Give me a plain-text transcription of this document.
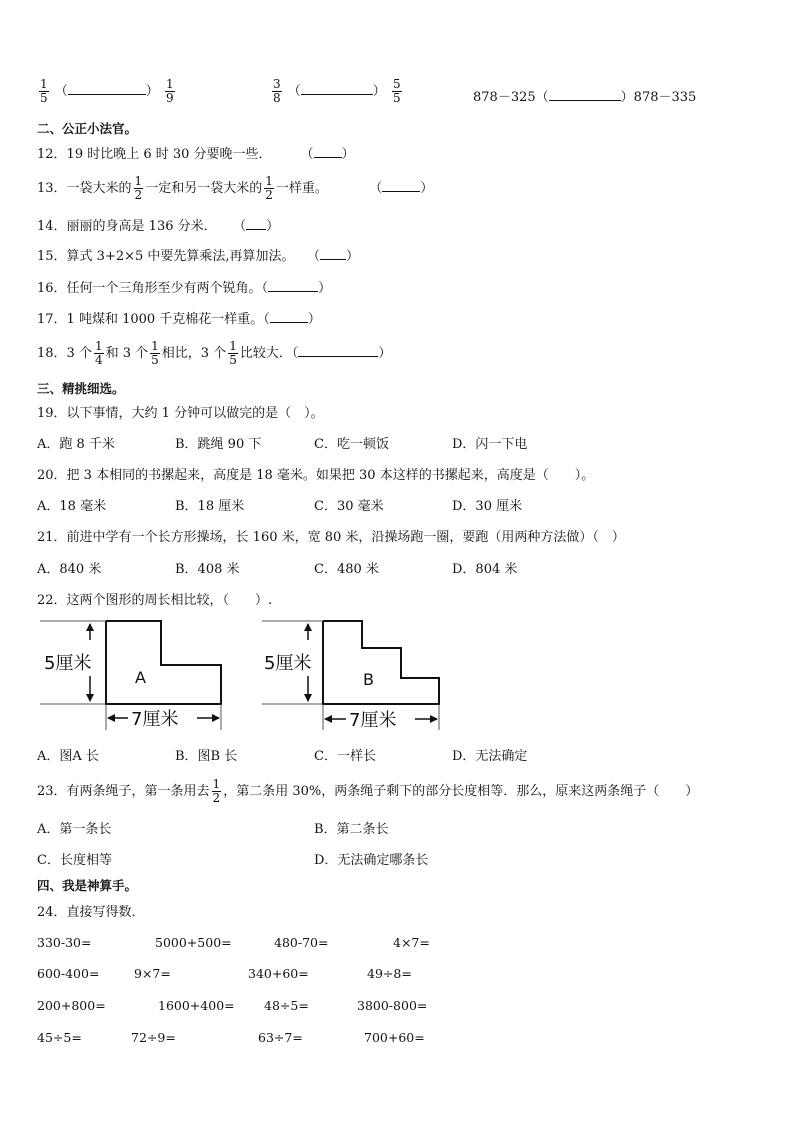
$\frac{1}{5}$ （	） $\frac{1}{9}$	$\frac{3}{8}$ （	） $\frac{5}{5}$	878－325（	）878－335
二、公正小法官。
12．19 时比晚上 6 时 30 分要晚一些． （ ）
13．一袋大米的 $\frac{1}{2}$ 一定和另一袋大米的 $\frac{1}{2}$ 一样重。	（	）
14．丽丽的身高是 136 分米． （ ）
15．算式 3+2×5 中要先算乘法,再算加法。 （ ）
16．任何一个三角形至少有两个锐角。（	）
17．1 吨煤和 1000 千克棉花一样重。（	）
18．3 个 $\frac{1}{4}$ 和 3 个 $\frac{1}{5}$ 相比，3 个 $\frac{1}{5}$ 比较大．（	）
三、精挑细选。
19．以下事情，大约 1 分钟可以做完的是（　）。
A．跑 8 千米	B．跳绳 90 下	C．吃一顿饭	D．闪一下电
20．把 3 本相同的书摞起来，高度是 18 毫米。如果把 30 本这样的书摞起来，高度是（　　）。
A．18 毫米	B．18 厘米	C．30 毫米	D．30 厘米
21．前进中学有一个长方形操场，长 160 米，宽 80 米，沿操场跑一圈，要跑（用两种方法做）（　）
A．840 米	B．408 米	C．480 米	D．804 米
22．这两个图形的周长相比较，（　　）.
5厘米
A
7厘米
5厘米
B
7厘米
A．图A 长	B．图B 长	C．一样长	D．无法确定
23．有两条绳子，第一条用去 $\frac{1}{2}$ ，第二条用 30%，两条绳子剩下的部分长度相等．那么，原来这两条绳子（　　）
A．第一条长	B．第二条长
C．长度相等	D．无法确定哪条长
四、我是神算手。
24．直接写得数．
330-30=	5000+500=	480-70=	4×7=
600-400=	9×7=	340+60=	49÷8=
200+800=	1600+400= 48÷5=	3800-800=
45÷5=	72÷9=	63÷7=	700+60=
